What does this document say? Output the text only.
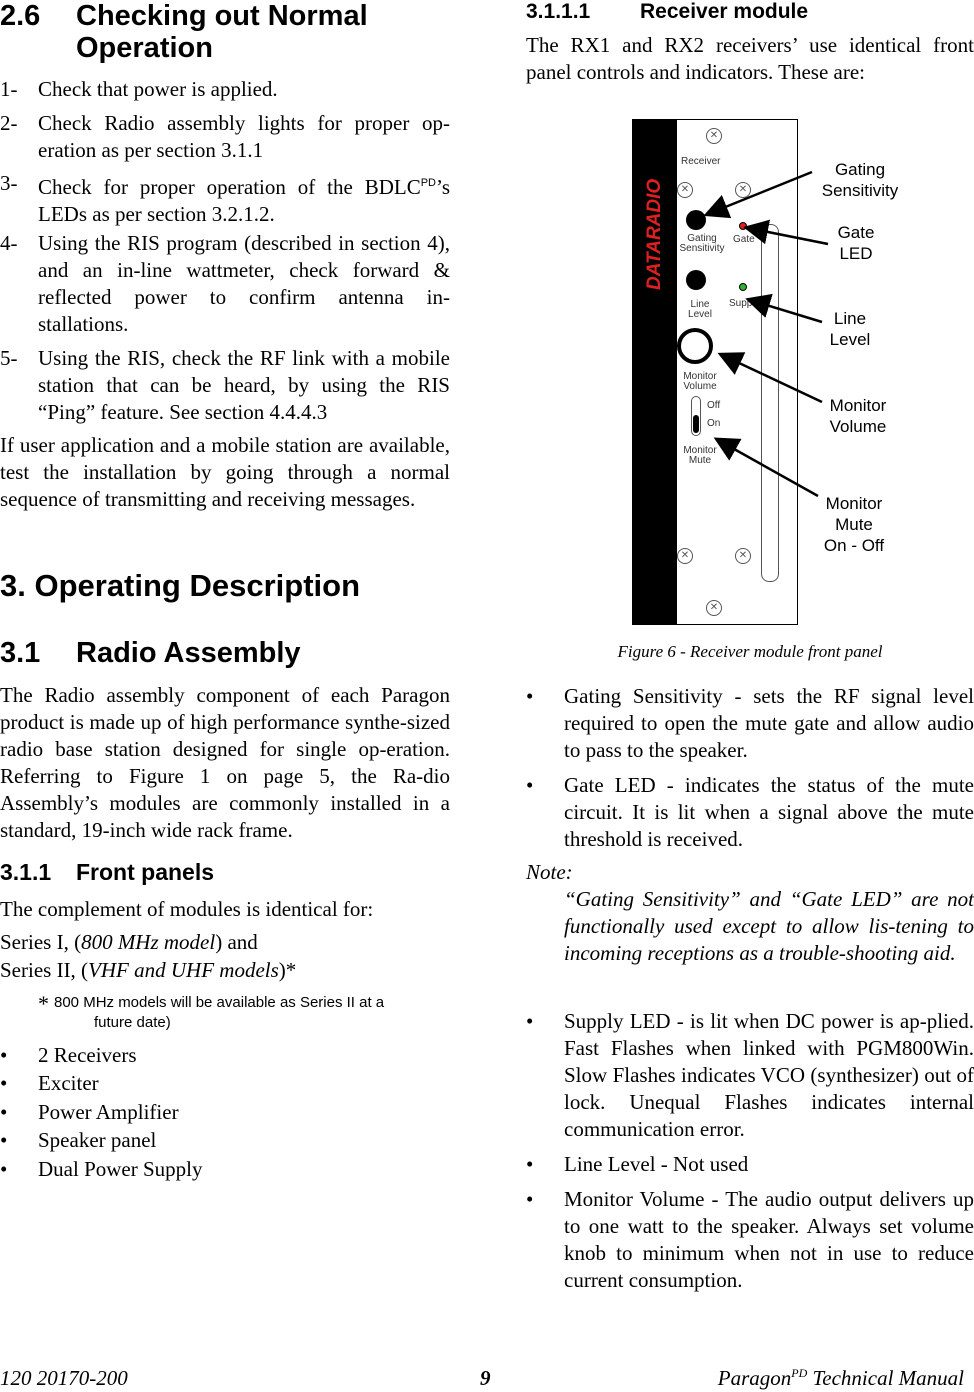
2.6 Checking out Normal
Operation
1- Check that power is applied.
2- Check Radio assembly lights for proper op-eration as per section 3.1.1
3- Check for proper operation of the $BDLC^{PD}’s$ LEDs as per section 3.2.1.2.
4- Using the RIS program (described in section 4), and an in-line wattmeter, check forward & reflected power to confirm antenna in-stallations.
5- Using the RIS, check the RF link with a mobile station that can be heard, by using the RIS “Ping” feature. See section 4.4.4.3
If user application and a mobile station are available, test the installation by going through a normal sequence of transmitting and receiving messages.
3. Operating Description
3.1 Radio Assembly
The Radio assembly component of each Paragon product is made up of high performance synthe-sized radio base station designed for single op-eration. Referring to Figure 1 on page 5, the Ra-dio Assembly’s modules are commonly installed in a standard, 19-inch wide rack frame.
3.1.1 Front panels
The complement of modules is identical for:
Series I, (800 MHz model) and
Series II, (VHF and UHF models)*
* 800 MHz models will be available as Series II at a
future date)
• 2 Receivers
• Exciter
• Power Amplifier
• Speaker panel
• Dual Power Supply
3.1.1.1 Receiver module
The RX1 and RX2 receivers’ use identical front panel controls and indicators. These are:
✕
✕	✕
✕	✕
✕
Receiver
Gating
Sensitivity
Gate
Line
Level
Supply
Monitor
Volume
Off
On
Monitor
Mute
Gating
Sensitivity
Gate
LED
Line
Level
Monitor
Volume
Monitor
Mute
On - Off
Figure 6 - Receiver module front panel
• Gating Sensitivity - sets the RF signal level required to open the mute gate and allow audio to pass to the speaker.
• Gate LED - indicates the status of the mute circuit. It is lit when a signal above the mute threshold is received.
Note:
“Gating Sensitivity” and “Gate LED” are not functionally used except to allow lis-tening to incoming receptions as a trouble-shooting aid.
• Supply LED - is lit when DC power is ap-plied. Fast Flashes when linked with PGM800Win. Slow Flashes indicates VCO (synthesizer) out of lock. Unequal Flashes indicates internal communication error.
• Line Level - Not used
• Monitor Volume - The audio output delivers up to one watt to the speaker. Always set volume knob to minimum when not in use to reduce current consumption.
120 20170-200	9	Paragon$^{PD}$ Technical Manual
